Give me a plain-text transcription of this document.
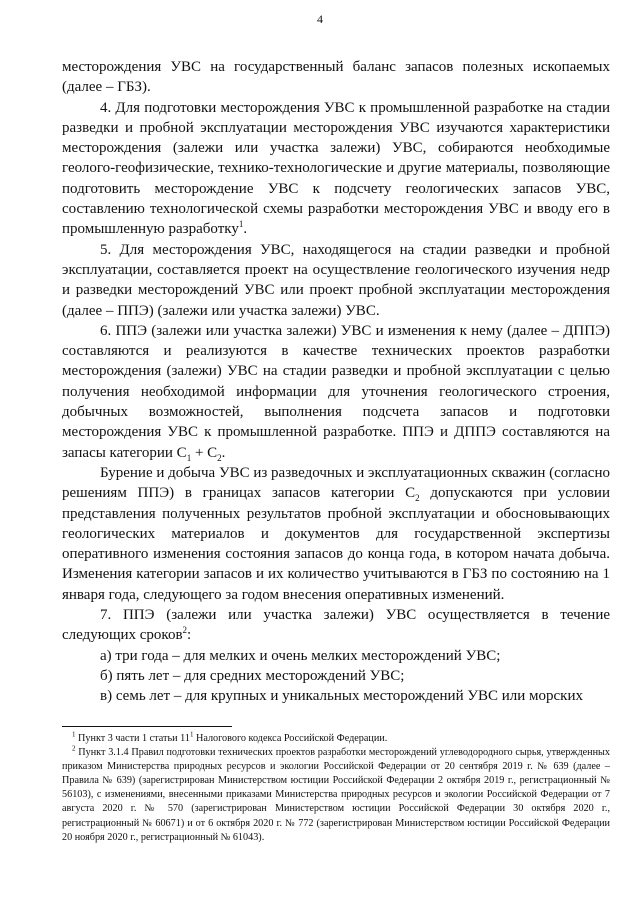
4

месторождения УВС на государственный баланс запасов полезных ископаемых (далее – ГБЗ).

4. Для подготовки месторождения УВС к промышленной разработке на стадии разведки и пробной эксплуатации месторождения УВС изучаются характеристики месторождения (залежи или участка залежи) УВС, собираются необходимые геолого-геофизические, технико-технологические и другие материалы, позволяющие подготовить месторождение УВС к подсчету геологических запасов УВС, составлению технологической схемы разработки месторождения УВС и вводу его в промышленную разработку$^1$.

5. Для месторождения УВС, находящегося на стадии разведки и пробной эксплуатации, составляется проект на осуществление геологического изучения недр и разведки месторождений УВС или проект пробной эксплуатации месторождения (далее – ППЭ) (залежи или участка залежи) УВС.

6. ППЭ (залежи или участка залежи) УВС и изменения к нему (далее – ДППЭ) составляются и реализуются в качестве технических проектов разработки месторождения (залежи) УВС на стадии разведки и пробной эксплуатации с целью получения необходимой информации для уточнения геологического строения, добычных возможностей, выполнения подсчета запасов и подготовки месторождения УВС к промышленной разработке. ППЭ и ДППЭ составляются на запасы категории $C_1 + C_2$.

Бурение и добыча УВС из разведочных и эксплуатационных скважин (согласно решениям ППЭ) в границах запасов категории $C_2$ допускаются при условии представления полученных результатов пробной эксплуатации и обосновывающих геологических материалов и документов для государственной экспертизы оперативного изменения состояния запасов до конца года, в котором начата добыча. Изменения категории запасов и их количество учитываются в ГБЗ по состоянию на 1 января года, следующего за годом внесения оперативных изменений.

7. ППЭ (залежи или участка залежи) УВС осуществляется в течение следующих сроков$^2$:

а) три года – для мелких и очень мелких месторождений УВС;

б) пять лет – для средних месторождений УВС;

в) семь лет – для крупных и уникальных месторождений УВС или морских

$^1$ Пункт 3 части 1 статьи 11$^1$ Налогового кодекса Российской Федерации.

$^2$ Пункт 3.1.4 Правил подготовки технических проектов разработки месторождений углеводородного сырья, утвержденных приказом Министерства природных ресурсов и экологии Российской Федерации от 20 сентября 2019 г. № 639 (далее – Правила № 639) (зарегистрирован Министерством юстиции Российской Федерации 2 октября 2019 г., регистрационный № 56103), с изменениями, внесенными приказами Министерства природных ресурсов и экологии Российской Федерации от 7 августа 2020 г. № 570 (зарегистрирован Министерством юстиции Российской Федерации 30 октября 2020 г., регистрационный № 60671) и от 6 октября 2020 г. № 772 (зарегистрирован Министерством юстиции Российской Федерации 20 ноября 2020 г., регистрационный № 61043).
